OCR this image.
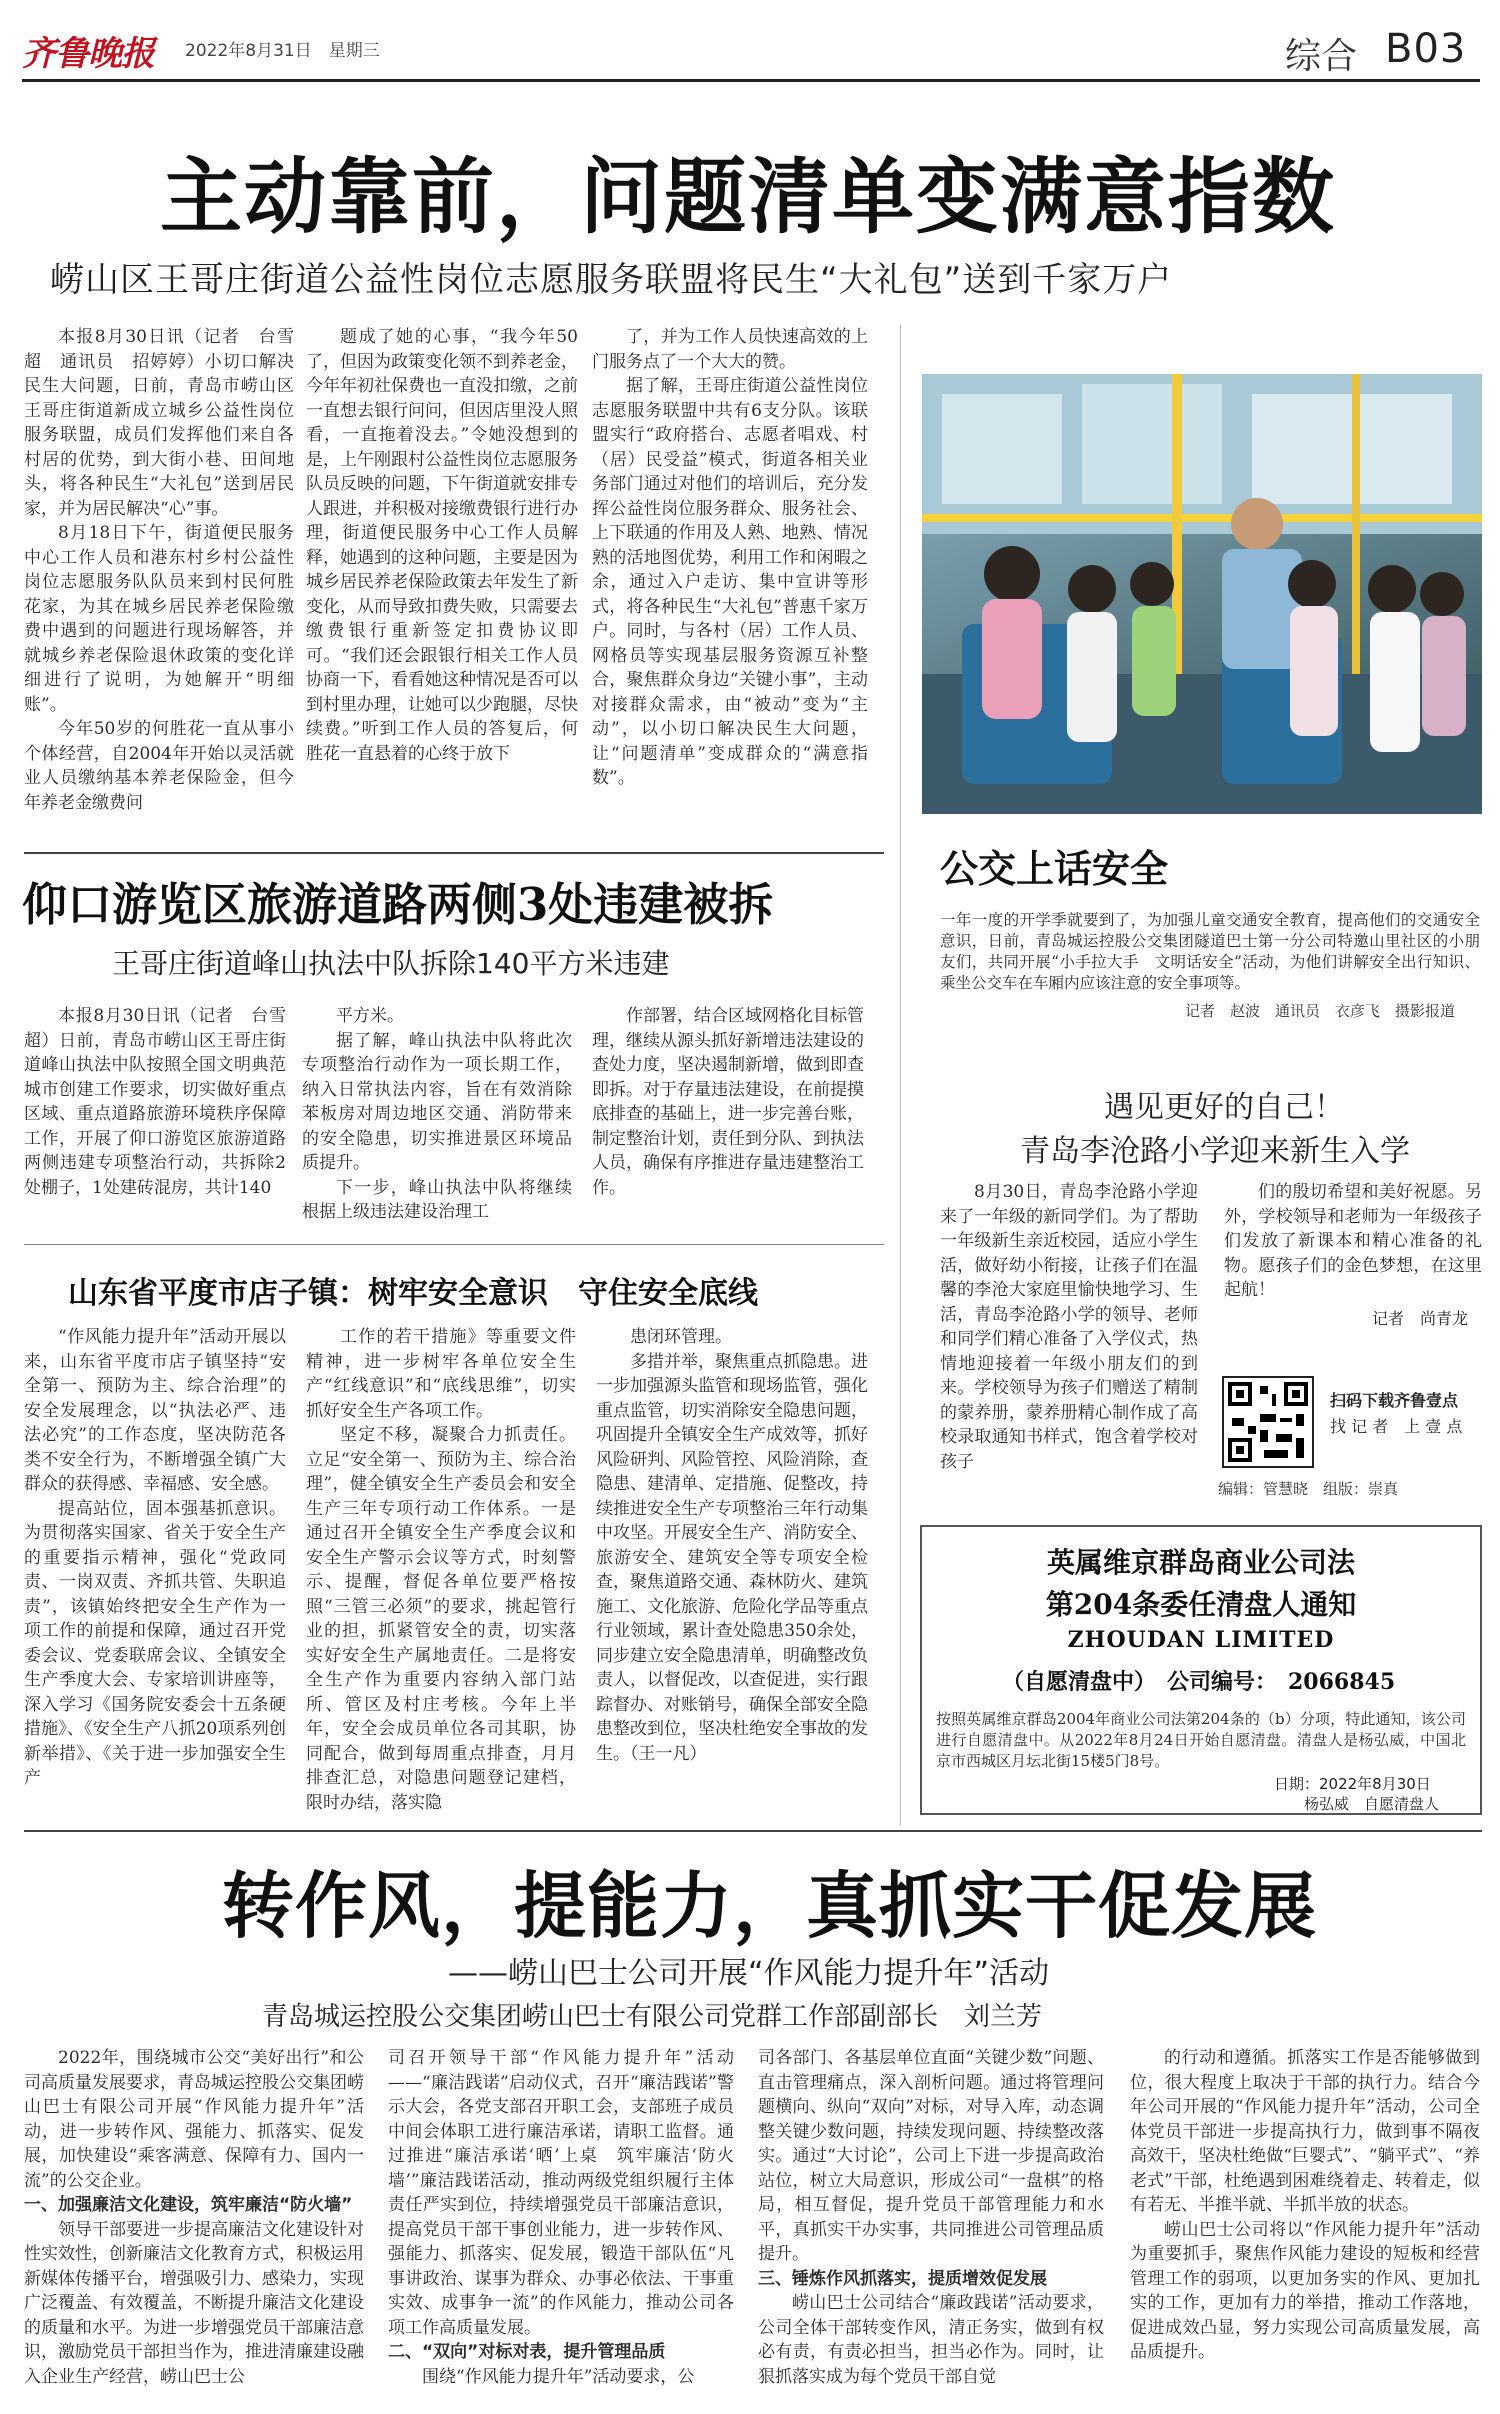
齐鲁晚报	2022年8月31日　星期三	综合 B03
主动靠前，问题清单变满意指数
崂山区王哥庄街道公益性岗位志愿服务联盟将民生“大礼包”送到千家万户

本报8月30日讯（记者　台雪超　通讯员　招婷婷）小切口解决民生大问题，日前，青岛市崂山区王哥庄街道新成立城乡公益性岗位服务联盟，成员们发挥他们来自各村居的优势，到大街小巷、田间地头，将各种民生“大礼包”送到居民家，并为居民解决“心”事。

8月18日下午，街道便民服务中心工作人员和港东村乡村公益性岗位志愿服务队队员来到村民何胜花家，为其在城乡居民养老保险缴费中遇到的问题进行现场解答，并就城乡养老保险退休政策的变化详细进行了说明，为她解开“明细账”。

今年50岁的何胜花一直从事小个体经营，自2004年开始以灵活就业人员缴纳基本养老保险金，但今年养老金缴费问

题成了她的心事，“我今年50了，但因为政策变化领不到养老金，今年年初社保费也一直没扣缴，之前一直想去银行问问，但因店里没人照看，一直拖着没去。”令她没想到的是，上午刚跟村公益性岗位志愿服务队员反映的问题，下午街道就安排专人跟进，并积极对接缴费银行进行办理，街道便民服务中心工作人员解释，她遇到的这种问题，主要是因为城乡居民养老保险政策去年发生了新变化，从而导致扣费失败，只需要去缴费银行重新签定扣费协议即可。“我们还会跟银行相关工作人员协商一下，看看她这种情况是否可以到村里办理，让她可以少跑腿，尽快续费。”听到工作人员的答复后，何胜花一直悬着的心终于放下

了，并为工作人员快速高效的上门服务点了一个大大的赞。

据了解，王哥庄街道公益性岗位志愿服务联盟中共有6支分队。该联盟实行“政府搭台、志愿者唱戏、村（居）民受益”模式，街道各相关业务部门通过对他们的培训后，充分发挥公益性岗位服务群众、服务社会、上下联通的作用及人熟、地熟、情况熟的活地图优势，利用工作和闲暇之余，通过入户走访、集中宣讲等形式，将各种民生“大礼包”普惠千家万户。同时，与各村（居）工作人员、网格员等实现基层服务资源互补整合，聚焦群众身边“关键小事”，主动对接群众需求，由“被动”变为“主动”，以小切口解决民生大问题，让“问题清单”变成群众的“满意指数”。

公交上话安全
一年一度的开学季就要到了，为加强儿童交通安全教育，提高他们的交通安全意识，日前，青岛城运控股公交集团隧道巴士第一分公司特邀山里社区的小朋友们，共同开展“小手拉大手　文明话安全”活动，为他们讲解安全出行知识、乘坐公交车在车厢内应该注意的安全事项等。
记者　赵波　通讯员　衣彦飞　摄影报道
仰口游览区旅游道路两侧3处违建被拆
王哥庄街道峰山执法中队拆除140平方米违建

本报8月30日讯（记者　台雪超）日前，青岛市崂山区王哥庄街道峰山执法中队按照全国文明典范城市创建工作要求，切实做好重点区域、重点道路旅游环境秩序保障工作，开展了仰口游览区旅游道路两侧违建专项整治行动，共拆除2处棚子，1处建砖混房，共计140

平方米。

据了解，峰山执法中队将此次专项整治行动作为一项长期工作，纳入日常执法内容，旨在有效消除苯板房对周边地区交通、消防带来的安全隐患，切实推进景区环境品质提升。

下一步，峰山执法中队将继续根据上级违法建设治理工

作部署，结合区域网格化目标管理，继续从源头抓好新增违法建设的查处力度，坚决遏制新增，做到即查即拆。对于存量违法建设，在前提摸底排查的基础上，进一步完善台账，制定整治计划，责任到分队、到执法人员，确保有序推进存量违建整治工作。

山东省平度市店子镇：树牢安全意识　守住安全底线

“作风能力提升年”活动开展以来，山东省平度市店子镇坚持“安全第一、预防为主、综合治理”的安全发展理念，以“执法必严、违法必究”的工作态度，坚决防范各类不安全行为，不断增强全镇广大群众的获得感、幸福感、安全感。

提高站位，固本强基抓意识。为贯彻落实国家、省关于安全生产的重要指示精神，强化“党政同责、一岗双责、齐抓共管、失职追责”，该镇始终把安全生产作为一项工作的前提和保障，通过召开党委会议、党委联席会议、全镇安全生产季度大会、专家培训讲座等，深入学习《国务院安委会十五条硬措施》、《安全生产八抓20项系列创新举措》、《关于进一步加强安全生产

工作的若干措施》等重要文件精神，进一步树牢各单位安全生产“红线意识”和“底线思维”，切实抓好安全生产各项工作。

坚定不移，凝聚合力抓责任。立足“安全第一、预防为主、综合治理”，健全镇安全生产委员会和安全生产三年专项行动工作体系。一是通过召开全镇安全生产季度会议和安全生产警示会议等方式，时刻警示、提醒，督促各单位要严格按照“三管三必须”的要求，挑起管行业的担，抓紧管安全的责，切实落实好安全生产属地责任。二是将安全生产作为重要内容纳入部门站所、管区及村庄考核。今年上半年，安全会成员单位各司其职，协同配合，做到每周重点排查，月月排查汇总，对隐患问题登记建档，限时办结，落实隐

患闭环管理。

多措并举，聚焦重点抓隐患。进一步加强源头监管和现场监管，强化重点监管，切实消除安全隐患问题，巩固提升全镇安全生产成效等，抓好风险研判、风险管控、风险消除，查隐患、建清单、定措施、促整改，持续推进安全生产专项整治三年行动集中攻坚。开展安全生产、消防安全、旅游安全、建筑安全等专项安全检查，聚焦道路交通、森林防火、建筑施工、文化旅游、危险化学品等重点行业领域，累计查处隐患350余处，同步建立安全隐患清单，明确整改负责人，以督促改，以查促进，实行跟踪督办、对账销号，确保全部安全隐患整改到位，坚决杜绝安全事故的发生。（王一凡）

遇见更好的自己！
青岛李沧路小学迎来新生入学

8月30日，青岛李沧路小学迎来了一年级的新同学们。为了帮助一年级新生亲近校园，适应小学生活，做好幼小衔接，让孩子们在温馨的李沧大家庭里愉快地学习、生活，青岛李沧路小学的领导、老师和同学们精心准备了入学仪式，热情地迎接着一年级小朋友们的到来。学校领导为孩子们赠送了精制的蒙养册，蒙养册精心制作成了高校录取通知书样式，饱含着学校对孩子

们的殷切希望和美好祝愿。另外，学校领导和老师为一年级孩子们发放了新课本和精心准备的礼物。愿孩子们的金色梦想，在这里起航！

记者　尚青龙
扫码下载齐鲁壹点
找 记 者　上 壹 点
编辑：管慧晓　组版：崇真
英属维京群岛商业公司法
第204条委任清盘人通知
ZHOUDAN LIMITED
（自愿清盘中）　公司编号：　2066845
按照英属维京群岛2004年商业公司法第204条的（b）分项，特此通知，该公司进行自愿清盘中。从2022年8月24日开始自愿清盘。清盘人是杨弘威，中国北京市西城区月坛北街15楼5门8号。
日期：2022年8月30日
杨弘威　自愿清盘人
转作风，提能力，真抓实干促发展
——崂山巴士公司开展“作风能力提升年”活动
青岛城运控股公交集团崂山巴士有限公司党群工作部副部长　刘兰芳

2022年，围绕城市公交“美好出行”和公司高质量发展要求，青岛城运控股公交集团崂山巴士有限公司开展“作风能力提升年”活动，进一步转作风、强能力、抓落实、促发展，加快建设“乘客满意、保障有力、国内一流”的公交企业。

一、加强廉洁文化建设，筑牢廉洁“防火墙”

领导干部要进一步提高廉洁文化建设针对性实效性，创新廉洁文化教育方式，积极运用新媒体传播平台，增强吸引力、感染力，实现广泛覆盖、有效覆盖，不断提升廉洁文化建设的质量和水平。为进一步增强党员干部廉洁意识，激励党员干部担当作为，推进清廉建设融入企业生产经营，崂山巴士公

司召开领导干部“作风能力提升年”活动——“廉洁践诺”启动仪式，召开“廉洁践诺”警示大会，各党支部召开职工会，支部班子成员中间会体职工进行廉洁承诺，请职工监督。通过推进“廉洁承诺‘晒’上桌　筑牢廉洁‘防火墙’”廉洁践诺活动，推动两级党组织履行主体责任严实到位，持续增强党员干部廉洁意识，提高党员干部干事创业能力，进一步转作风、强能力、抓落实、促发展，锻造干部队伍“凡事讲政治、谋事为群众、办事必依法、干事重实效、成事争一流”的作风能力，推动公司各项工作高质量发展。

二、“双向”对标对表，提升管理品质

围绕“作风能力提升年”活动要求，公

司各部门、各基层单位直面“关键少数”问题、直击管理痛点，深入剖析问题。通过将管理问题横向、纵向“双向”对标，对导入库，动态调整关键少数问题，持续发现问题、持续整改落实。通过“大讨论”，公司上下进一步提高政治站位，树立大局意识，形成公司“一盘棋”的格局，相互督促，提升党员干部管理能力和水平，真抓实干办实事，共同推进公司管理品质提升。

三、锤炼作风抓落实，提质增效促发展

崂山巴士公司结合“廉政践诺”活动要求，公司全体干部转变作风，清正务实，做到有权必有责，有责必担当，担当必作为。同时，让狠抓落实成为每个党员干部自觉

的行动和遵循。抓落实工作是否能够做到位，很大程度上取决于干部的执行力。结合今年公司开展的“作风能力提升年”活动，公司全体党员干部进一步提高执行力，做到事不隔夜高效干，坚决杜绝做“巨婴式”、“躺平式”、“养老式”干部，杜绝遇到困难绕着走、转着走，似有若无、半推半就、半抓半放的状态。

崂山巴士公司将以“作风能力提升年”活动为重要抓手，聚焦作风能力建设的短板和经营管理工作的弱项，以更加务实的作风、更加扎实的工作，更加有力的举措，推动工作落地，促进成效凸显，努力实现公司高质量发展，高品质提升。
